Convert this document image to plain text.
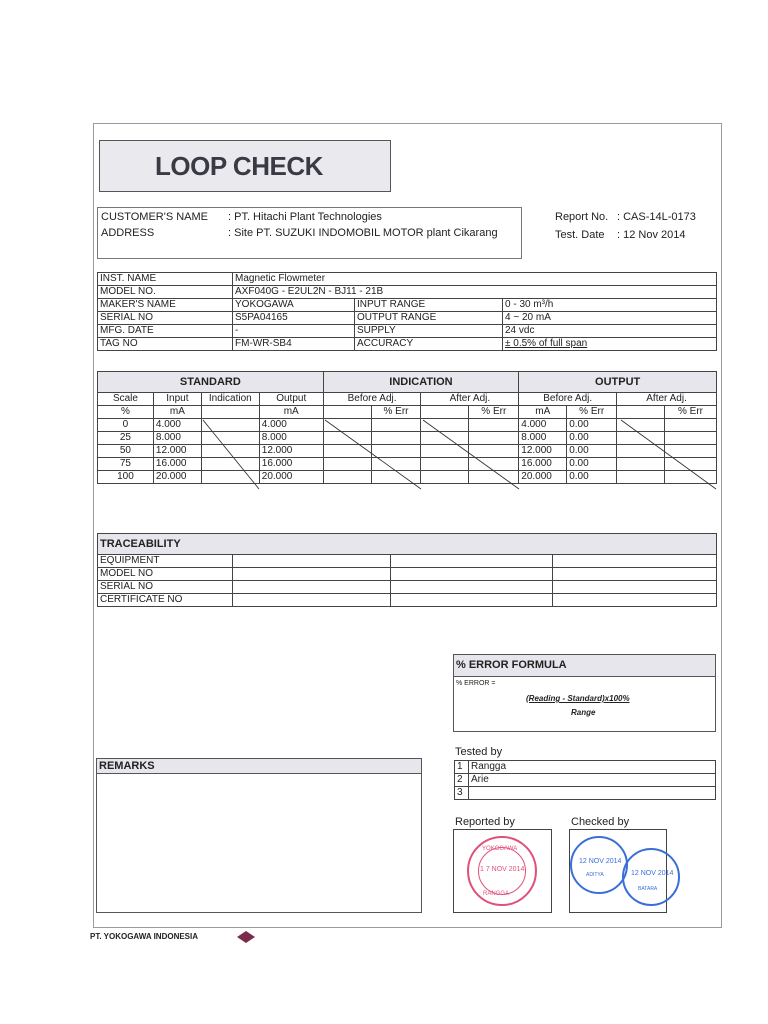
LOOP CHECK
CUSTOMER'S NAME : PT. Hitachi Plant Technologies
ADDRESS	: Site PT. SUZUKI INDOMOBIL MOTOR plant Cikarang
Report No. : CAS-14L-0173
Test. Date : 12 Nov 2014
INST. NAME	Magnetic Flowmeter		
MODEL NO.	AXF040G - E2UL2N - BJ11 - 21B		
MAKER'S NAME	YOKOGAWA	INPUT RANGE	0 - 30 m³/h
SERIAL NO	S5PA04165	OUTPUT RANGE	4 ~ 20 mA
MFG. DATE	-	SUPPLY	24 vdc
TAG NO	FM-WR-SB4	ACCURACY	± 0.5% of full span
STANDARD				INDICATION				OUTPUT			
Scale	Input	Indication	Output	Before Adj.		After Adj.		Before Adj.		After Adj.	
%	mA		mA		% Err		% Err	mA	% Err		% Err
0	4.000		4.000					4.000	0.00		
25	8.000		8.000					8.000	0.00		
50	12.000		12.000					12.000	0.00		
75	16.000		16.000					16.000	0.00		
100	20.000		20.000					20.000	0.00		
TRACEABILITY			
EQUIPMENT			
MODEL NO			
SERIAL NO			
CERTIFICATE NO			
% ERROR FORMULA
% ERROR =
(Reading - Standard)x100%
Range
REMARKS
Tested by
1	Rangga
2	Arie
3	
Reported by
YOKOGAWA
1 7 NOV 2014
RANGGA
Checked by
12 NOV 2014
ADITYA	12 NOV 2014
BATARA
PT. YOKOGAWA INDONESIA
